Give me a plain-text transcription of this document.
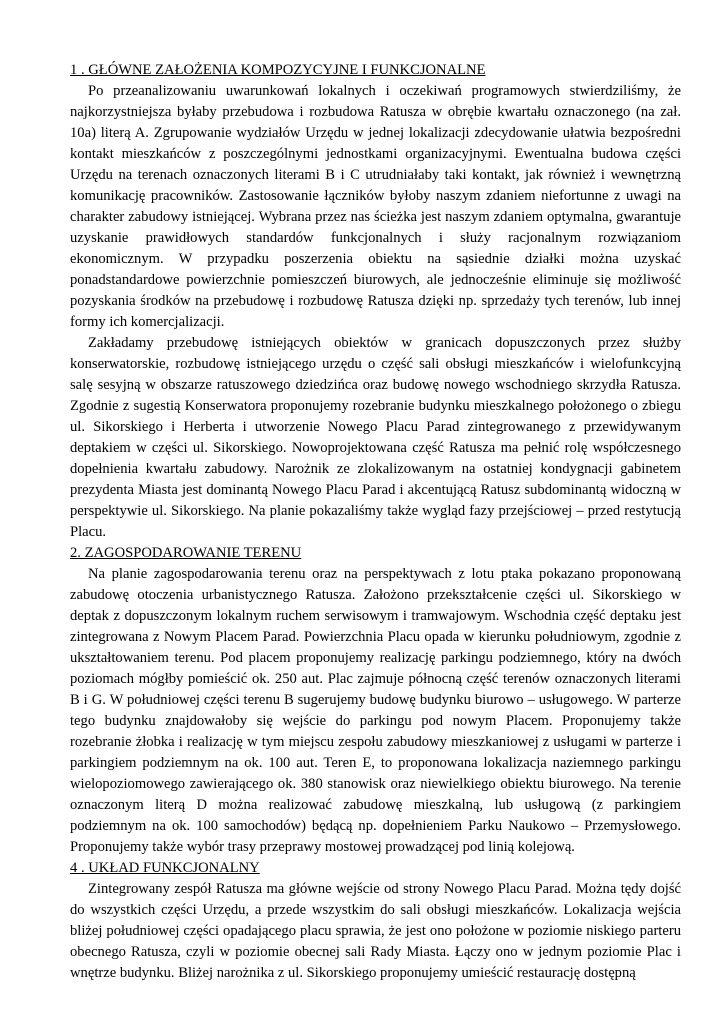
1 . GŁÓWNE ZAŁOŻENIA KOMPOZYCYJNE I FUNKCJONALNE

Po przeanalizowaniu uwarunkowań lokalnych i oczekiwań programowych stwierdziliśmy, że najkorzystniejsza byłaby przebudowa i rozbudowa Ratusza w obrębie kwartału oznaczonego (na zał. 10a) literą A. Zgrupowanie wydziałów Urzędu w jednej lokalizacji zdecydowanie ułatwia bezpośredni kontakt mieszkańców z poszczególnymi jednostkami organizacyjnymi. Ewentualna budowa części Urzędu na terenach oznaczonych literami B i C utrudniałaby taki kontakt, jak również i wewnętrzną komunikację pracowników. Zastosowanie łączników byłoby naszym zdaniem niefortunne z uwagi na charakter zabudowy istniejącej. Wybrana przez nas ścieżka jest naszym zdaniem optymalna, gwarantuje uzyskanie prawidłowych standardów funkcjonalnych i służy racjonalnym rozwiązaniom ekonomicznym. W przypadku poszerzenia obiektu na sąsiednie działki można uzyskać ponadstandardowe powierzchnie pomieszczeń biurowych, ale jednocześnie eliminuje się możliwość pozyskania środków na przebudowę i rozbudowę Ratusza dzięki np. sprzedaży tych terenów, lub innej formy ich komercjalizacji.

Zakładamy przebudowę istniejących obiektów w granicach dopuszczonych przez służby konserwatorskie, rozbudowę istniejącego urzędu o część sali obsługi mieszkańców i wielofunkcyjną salę sesyjną w obszarze ratuszowego dziedzińca oraz budowę nowego wschodniego skrzydła Ratusza. Zgodnie z sugestią Konserwatora proponujemy rozebranie budynku mieszkalnego położonego o zbiegu ul. Sikorskiego i Herberta i utworzenie Nowego Placu Parad zintegrowanego z przewidywanym deptakiem w części ul. Sikorskiego. Nowoprojektowana część Ratusza ma pełnić rolę współczesnego dopełnienia kwartału zabudowy. Narożnik ze zlokalizowanym na ostatniej kondygnacji gabinetem prezydenta Miasta jest dominantą Nowego Placu Parad i akcentującą Ratusz subdominantą widoczną w perspektywie ul. Sikorskiego. Na planie pokazaliśmy także wygląd fazy przejściowej – przed restytucją Placu.

2. ZAGOSPODAROWANIE TERENU

Na planie zagospodarowania terenu oraz na perspektywach z lotu ptaka pokazano proponowaną zabudowę otoczenia urbanistycznego Ratusza. Założono przekształcenie części ul. Sikorskiego w deptak z dopuszczonym lokalnym ruchem serwisowym i tramwajowym. Wschodnia część deptaku jest zintegrowana z Nowym Placem Parad. Powierzchnia Placu opada w kierunku południowym, zgodnie z ukształtowaniem terenu. Pod placem proponujemy realizację parkingu podziemnego, który na dwóch poziomach mógłby pomieścić ok. 250 aut. Plac zajmuje północną część terenów oznaczonych literami B i G. W południowej części terenu B sugerujemy budowę budynku biurowo – usługowego. W parterze tego budynku znajdowałoby się wejście do parkingu pod nowym Placem. Proponujemy także rozebranie żłobka i realizację w tym miejscu zespołu zabudowy mieszkaniowej z usługami w parterze i parkingiem podziemnym na ok. 100 aut. Teren E, to proponowana lokalizacja naziemnego parkingu wielopoziomowego zawierającego ok. 380 stanowisk oraz niewielkiego obiektu biurowego. Na terenie oznaczonym literą D można realizować zabudowę mieszkalną, lub usługową (z parkingiem podziemnym na ok. 100 samochodów) będącą np. dopełnieniem Parku Naukowo – Przemysłowego. Proponujemy także wybór trasy przeprawy mostowej prowadzącej pod linią kolejową.

4 . UKŁAD FUNKCJONALNY

Zintegrowany zespół Ratusza ma główne wejście od strony Nowego Placu Parad. Można tędy dojść do wszystkich części Urzędu, a przede wszystkim do sali obsługi mieszkańców. Lokalizacja wejścia bliżej południowej części opadającego placu sprawia, że jest ono położone w poziomie niskiego parteru obecnego Ratusza, czyli w poziomie obecnej sali Rady Miasta. Łączy ono w jednym poziomie Plac i wnętrze budynku. Bliżej narożnika z ul. Sikorskiego proponujemy umieścić restaurację dostępną
